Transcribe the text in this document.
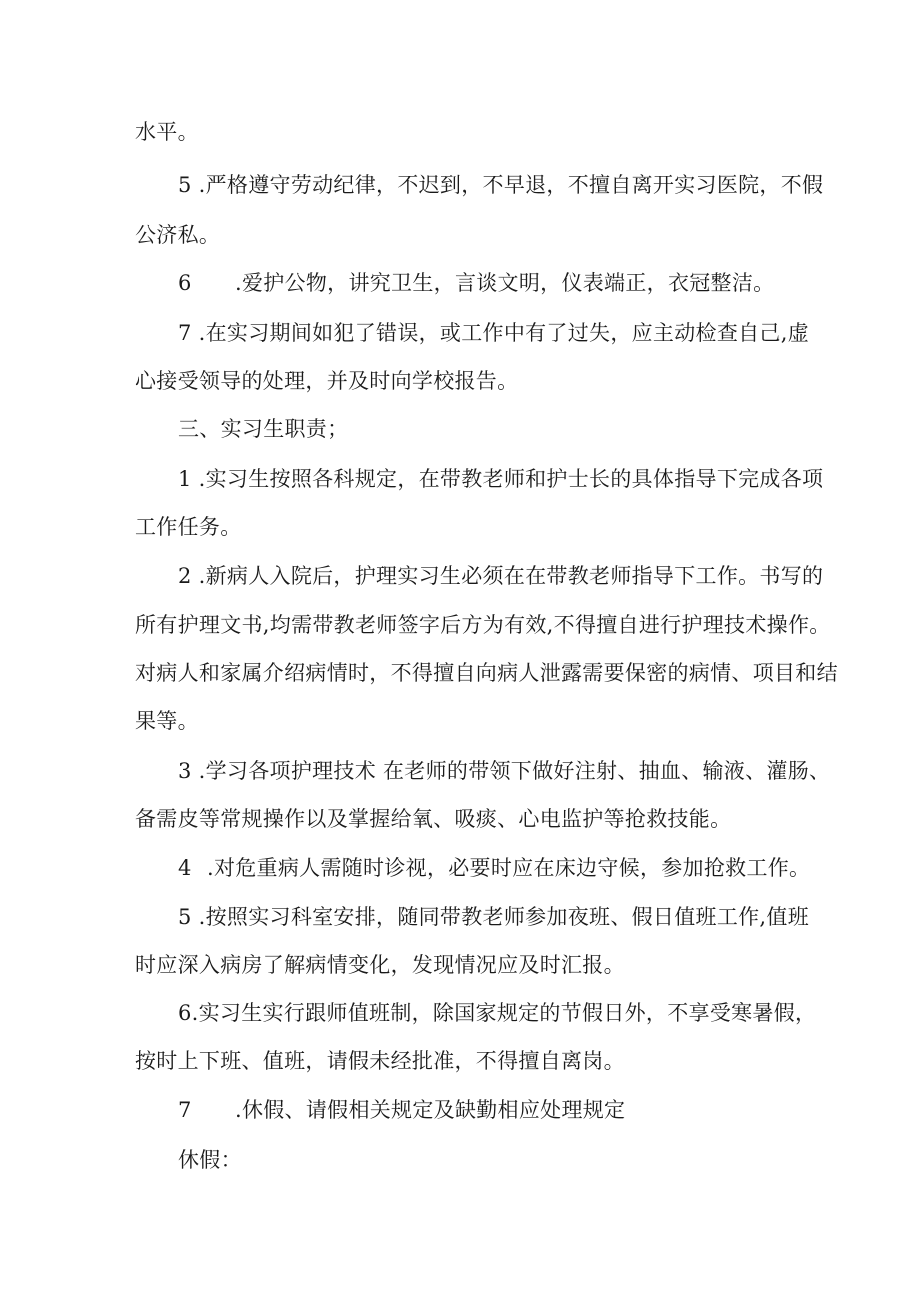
水平。
5 .严格遵守劳动纪律，不迟到，不早退，不擅自离开实习医院，不假
公济私。
6 .爱护公物，讲究卫生，言谈文明，仪表端正，衣冠整洁。
7 .在实习期间如犯了错误，或工作中有了过失，应主动检查自己,虚
心接受领导的处理，并及时向学校报告。
三、实习生职责；
1 .实习生按照各科规定，在带教老师和护士长的具体指导下完成各项
工作任务。
2 .新病人入院后，护理实习生必须在在带教老师指导下工作。书写的
所有护理文书,均需带教老师签字后方为有效,不得擅自进行护理技术操作。
对病人和家属介绍病情时，不得擅自向病人泄露需要保密的病情、项目和结
果等。
3 .学习各项护理技术 在老师的带领下做好注射、抽血、输液、灌肠、
备需皮等常规操作以及掌握给氧、吸痰、心电监护等抢救技能。
4 .对危重病人需随时诊视，必要时应在床边守候，参加抢救工作。
5 .按照实习科室安排，随同带教老师参加夜班、假日值班工作,值班
时应深入病房了解病情变化，发现情况应及时汇报。
6.实习生实行跟师值班制，除国家规定的节假日外，不享受寒暑假，
按时上下班、值班，请假未经批准，不得擅自离岗。
7 .休假、请假相关规定及缺勤相应处理规定
休假：
